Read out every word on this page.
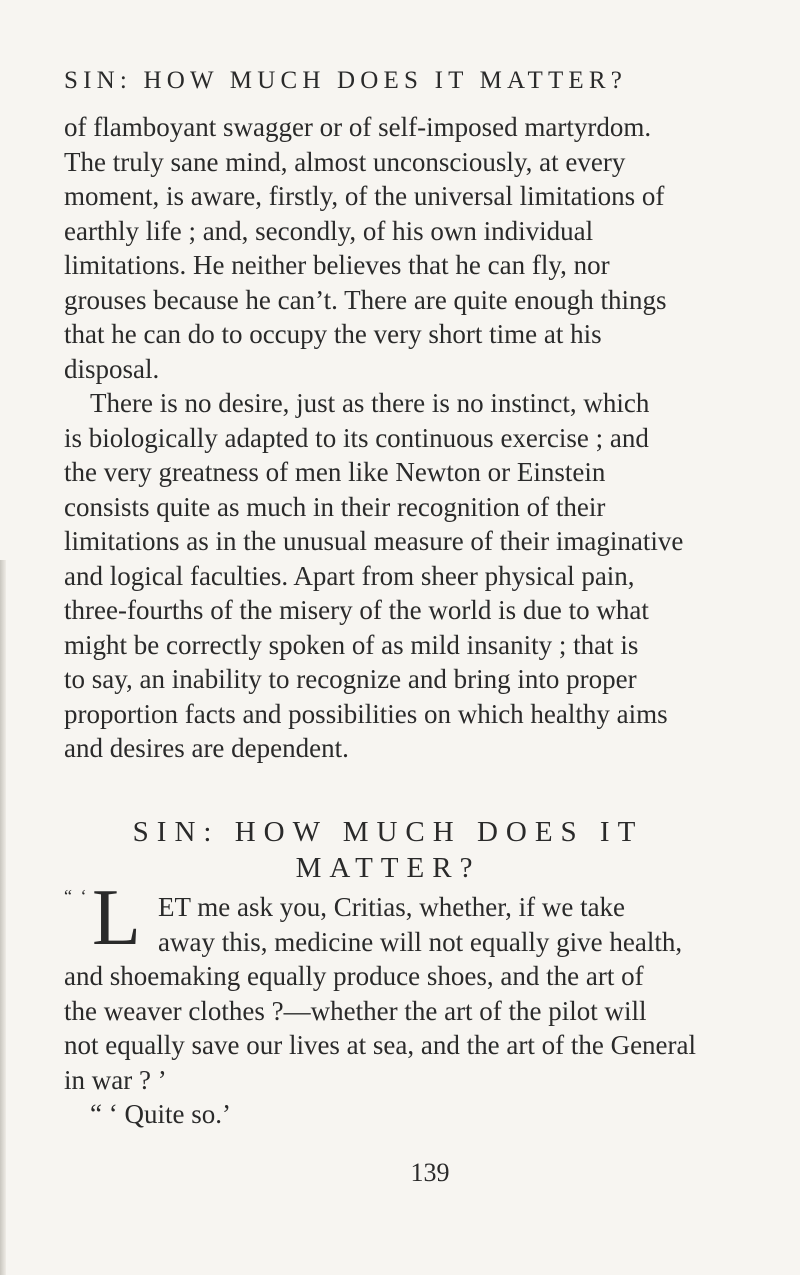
SIN: HOW MUCH DOES IT MATTER?
of flamboyant swagger or of self-imposed martyrdom.
The truly sane mind, almost unconsciously, at every
moment, is aware, firstly, of the universal limitations of
earthly life ; and, secondly, of his own individual
limitations. He neither believes that he can fly, nor
grouses because he can’t. There are quite enough things
that he can do to occupy the very short time at his
disposal.
There is no desire, just as there is no instinct, which
is biologically adapted to its continuous exercise ; and
the very greatness of men like Newton or Einstein
consists quite as much in their recognition of their
limitations as in the unusual measure of their imaginative
and logical faculties. Apart from sheer physical pain,
three-fourths of the misery of the world is due to what
might be correctly spoken of as mild insanity ; that is
to say, an inability to recognize and bring into proper
proportion facts and possibilities on which healthy aims
and desires are dependent.
SIN: HOW MUCH DOES IT
MATTER?
“ ‘ L ET me ask you, Critias, whether, if we take
away this, medicine will not equally give health,
and shoemaking equally produce shoes, and the art of
the weaver clothes ?—whether the art of the pilot will
not equally save our lives at sea, and the art of the General
in war ? ’
“ ‘ Quite so.’
139
